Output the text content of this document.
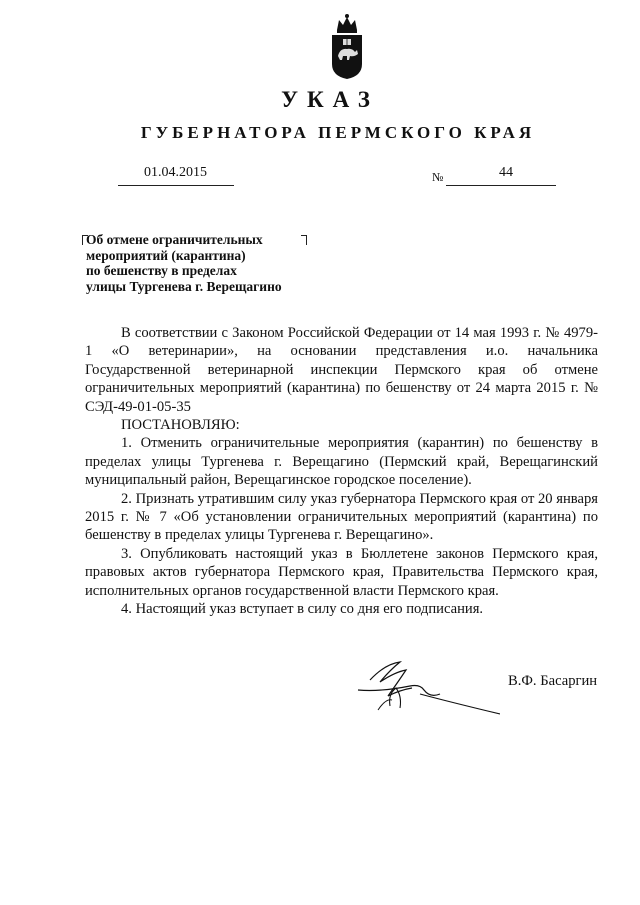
УКАЗ
ГУБЕРНАТОРА ПЕРМСКОГО КРАЯ
01.04.2015	№	44
Об отмене ограничительных
мероприятий (карантина)
по бешенству в пределах
улицы Тургенева г. Верещагино

В соответствии с Законом Российской Федерации от 14 мая 1993 г. № 4979-1 «О ветеринарии», на основании представления и.о. начальника Государственной ветеринарной инспекции Пермского края об отмене ограничительных мероприятий (карантина) по бешенству от 24 марта 2015 г. № СЭД-49-01-05-35

ПОСТАНОВЛЯЮ:

1. Отменить ограничительные мероприятия (карантин) по бешенству в пределах улицы Тургенева г. Верещагино (Пермский край, Верещагинский муниципальный район, Верещагинское городское поселение).

2. Признать утратившим силу указ губернатора Пермского края от 20 января 2015 г. № 7 «Об установлении ограничительных мероприятий (карантина) по бешенству в пределах улицы Тургенева г. Верещагино».

3. Опубликовать настоящий указ в Бюллетене законов Пермского края, правовых актов губернатора Пермского края, Правительства Пермского края, исполнительных органов государственной власти Пермского края.

4. Настоящий указ вступает в силу со дня его подписания.

В.Ф. Басаргин
